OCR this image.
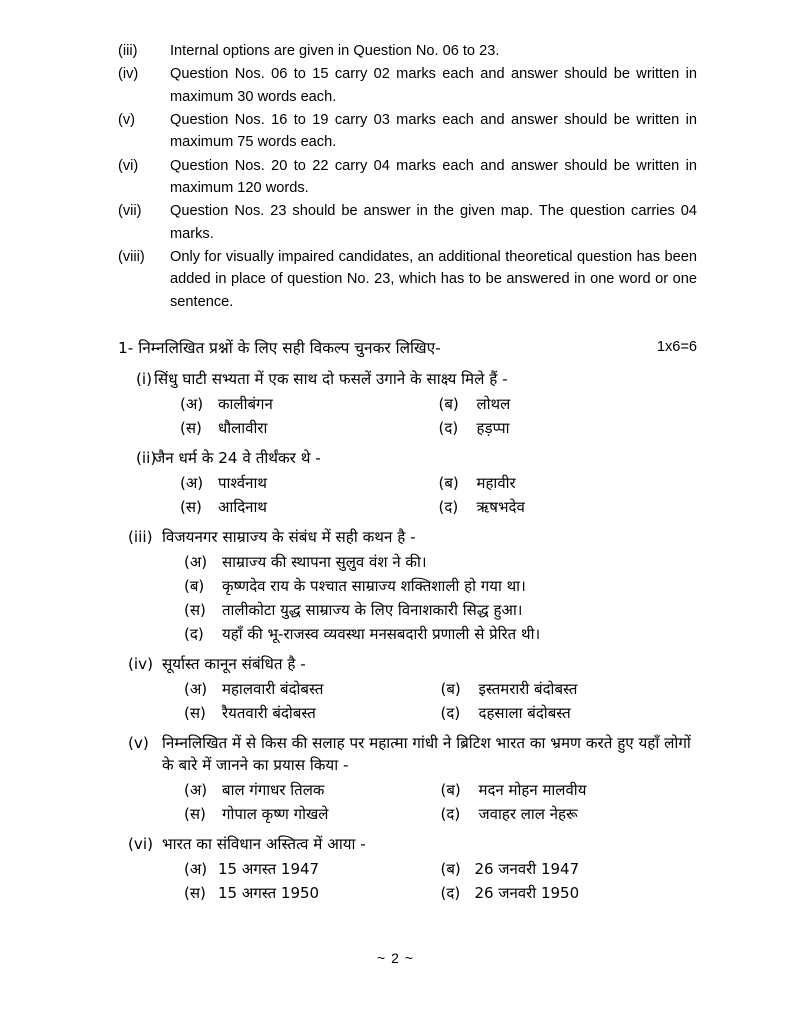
(iii)	Internal options are given in Question No. 06 to 23.
(iv)	Question Nos. 06 to 15 carry 02 marks each and answer should be written in maximum 30 words each.
(v)	Question Nos. 16 to 19 carry 03 marks each and answer should be written in maximum 75 words each.
(vi)	Question Nos. 20 to 22 carry 04 marks each and answer should be written in maximum 120 words.
(vii)	Question Nos. 23 should be answer in the given map. The question carries 04 marks.
(viii)	Only for visually impaired candidates, an additional theoretical question has been added in place of question No. 23, which has to be answered in one word or one sentence.
1- निम्नलिखित प्रश्नों के लिए सही विकल्प चुनकर लिखिए-	1x6=6
(i) सिंधु घाटी सभ्यता में एक साथ दो फसलें उगाने के साक्ष्य मिले हैं -
(अ) कालीबंगन	(ब)	लोथल
(स)	धौलावीरा	(द)	हड़प्पा
(ii)
जैन धर्म के 24 वे तीर्थंकर थे -
(अ) पार्श्वनाथ	(ब)	महावीर
(स)	आदिनाथ	(द)	ऋषभदेव
(iii) विजयनगर साम्राज्य के संबंध में सही कथन है -
(अ) साम्राज्य की स्थापना सुलुव वंश ने की।
(ब)	कृष्णदेव राय के पश्चात साम्राज्य शक्तिशाली हो गया था।
(स)	तालीकोटा युद्ध साम्राज्य के लिए विनाशकारी सिद्ध हुआ।
(द)	यहाँ की भू-राजस्व व्यवस्था मनसबदारी प्रणाली से प्रेरित थी।
(iv) सूर्यास्त कानून संबंधित है -
(अ) महालवारी बंदोबस्त	(ब)	इस्तमरारी बंदोबस्त
(स)	रैयतवारी बंदोबस्त	(द)	दहसाला बंदोबस्त
(v) निम्नलिखित में से किस की सलाह पर महात्मा गांधी ने ब्रिटिश भारत का भ्रमण करते हुए यहाँ लोगों के बारे में जानने का प्रयास किया -
(अ) बाल गंगाधर तिलक	(ब)	मदन मोहन मालवीय
(स)	गोपाल कृष्ण गोखले	(द)	जवाहर लाल नेहरू
(vi) भारत का संविधान अस्तित्व में आया -
(अ) 15 अगस्त 1947	(ब) 26 जनवरी 1947
(स) 15 अगस्त 1950	(द) 26 जनवरी 1950
~ 2 ~
